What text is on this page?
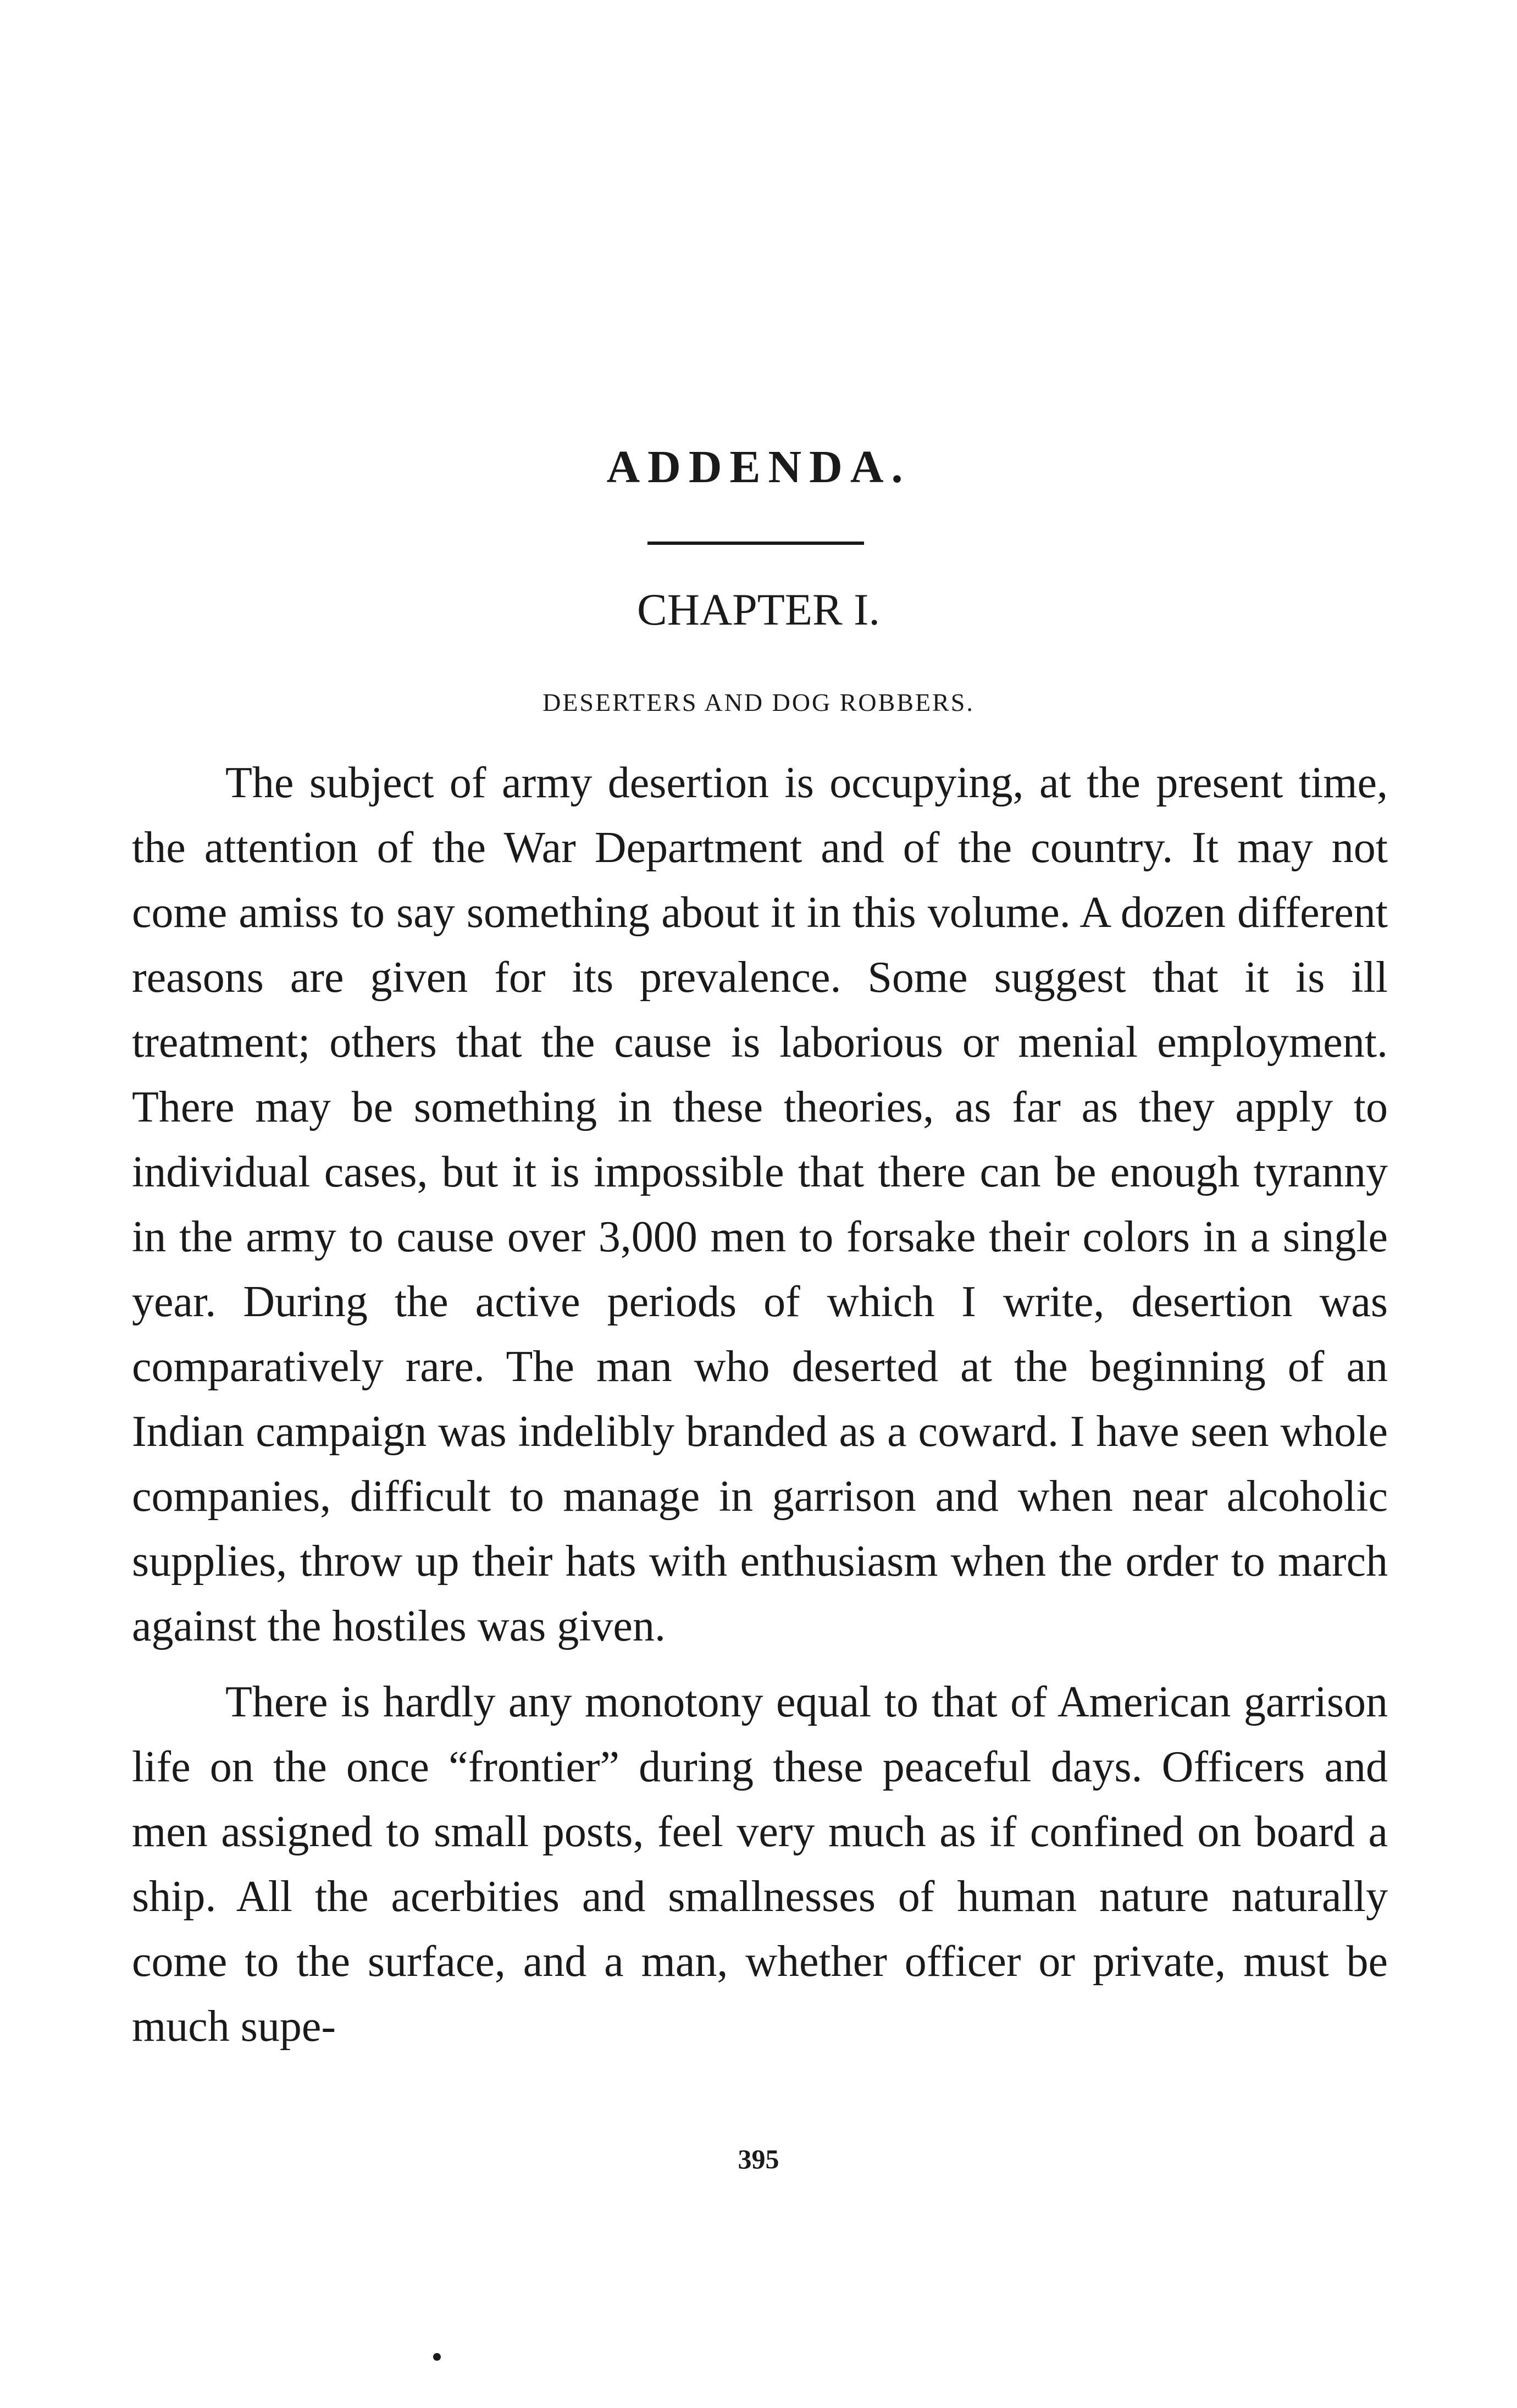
ADDENDA.
CHAPTER I.
DESERTERS AND DOG ROBBERS.

The subject of army desertion is occupying, at the present time, the attention of the War Department and of the country. It may not come amiss to say something about it in this volume. A dozen different reasons are given for its prevalence. Some suggest that it is ill treatment; others that the cause is laborious or menial employment. There may be something in these theories, as far as they apply to individual cases, but it is impossible that there can be enough tyranny in the army to cause over 3,000 men to forsake their colors in a single year. During the active periods of which I write, desertion was comparatively rare. The man who deserted at the beginning of an Indian campaign was indelibly branded as a coward. I have seen whole companies, difficult to manage in garrison and when near alcoholic supplies, throw up their hats with enthusiasm when the order to march against the hostiles was given.

There is hardly any monotony equal to that of American garrison life on the once “frontier” during these peaceful days. Officers and men assigned to small posts, feel very much as if confined on board a ship. All the acerbities and smallnesses of human nature naturally come to the surface, and a man, whether officer or private, must be much supe-

395
